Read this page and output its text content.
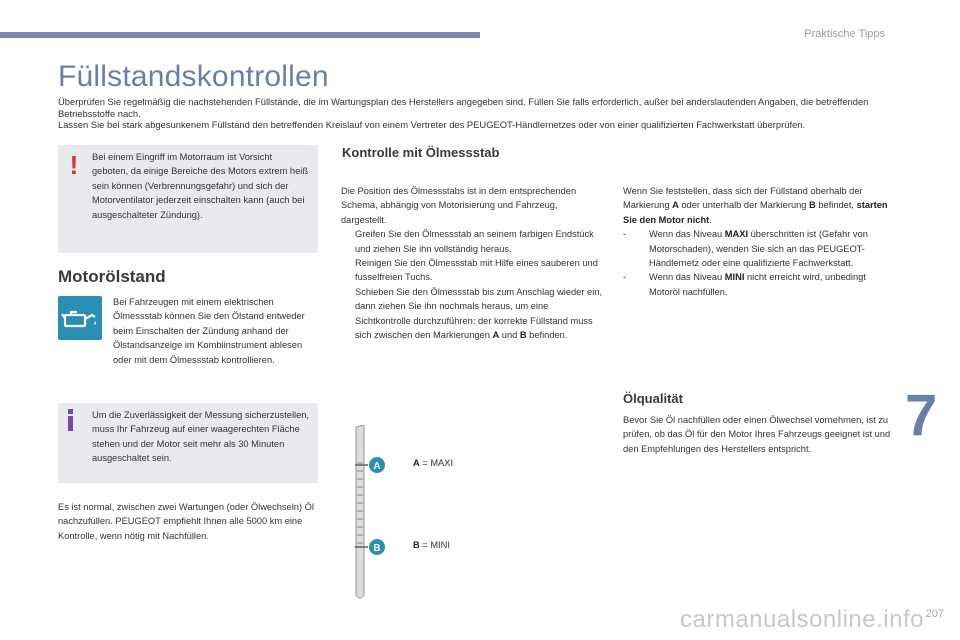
Praktische Tipps
Füllstandskontrollen

Überprüfen Sie regelmäßig die nachstehenden Füllstände, die im Wartungsplan des Herstellers angegeben sind. Füllen Sie falls erforderlich, außer bei anderslautenden Angaben, die betreffenden Betriebsstoffe nach.

Lassen Sie bei stark abgesunkenem Füllstand den betreffenden Kreislauf von einem Vertreter des PEUGEOT-Händlernetzes oder von einer qualifizierten Fachwerkstatt überprüfen.

!	Bei einem Eingriff im Motorraum ist Vorsicht geboten, da einige Bereiche des Motors extrem heiß sein können (Verbrennungsgefahr) und sich der Motorventilator jederzeit einschalten kann (auch bei ausgeschalteter Zündung).
Motorölstand
Bei Fahrzeugen mit einem elektrischen Ölmessstab können Sie den Ölstand entweder beim Einschalten der Zündung anhand der Ölstandsanzeige im Kombiinstrument ablesen oder mit dem Ölmessstab kontrollieren.
Um die Zuverlässigkeit der Messung sicherzustellen, muss Ihr Fahrzeug auf einer waagerechten Fläche stehen und der Motor seit mehr als 30 Minuten ausgeschaltet sein.
Es ist normal, zwischen zwei Wartungen (oder Ölwechseln) Öl nachzufüllen. PEUGEOT empfiehlt Ihnen alle 5000 km eine Kontrolle, wenn nötig mit Nachfüllen.
Kontrolle mit Ölmessstab
Die Position des Ölmessstabs ist in dem entsprechenden Schema, abhängig von Motorisierung und Fahrzeug, dargestellt.
Greifen Sie den Ölmessstab an seinem farbigen Endstück und ziehen Sie ihn vollständig heraus.
Reinigen Sie den Ölmessstab mit Hilfe eines sauberen und fusselfreien Tuchs.
Schieben Sie den Ölmessstab bis zum Anschlag wieder ein, dann ziehen Sie ihn nochmals heraus, um eine Sichtkontrolle durchzuführen: der korrekte Füllstand muss sich zwischen den Markierungen A und B befinden.
Wenn Sie feststellen, dass sich der Füllstand oberhalb der Markierung A oder unterhalb der Markierung B befindet, starten Sie den Motor nicht.
- Wenn das Niveau MAXI überschritten ist (Gefahr von Motorschaden), wenden Sie sich an das PEUGEOT-Händlernetz oder eine qualifizierte Fachwerkstatt.
- Wenn das Niveau MINI nicht erreicht wird, unbedingt Motoröl nachfüllen.
A
B
A = MAXI
B = MINI
Ölqualität
Bevor Sie Öl nachfüllen oder einen Ölwechsel vornehmen, ist zu prüfen, ob das Öl für den Motor Ihres Fahrzeugs geeignet ist und den Empfehlungen des Herstellers entspricht.
7
carmanualsonline.info 207
